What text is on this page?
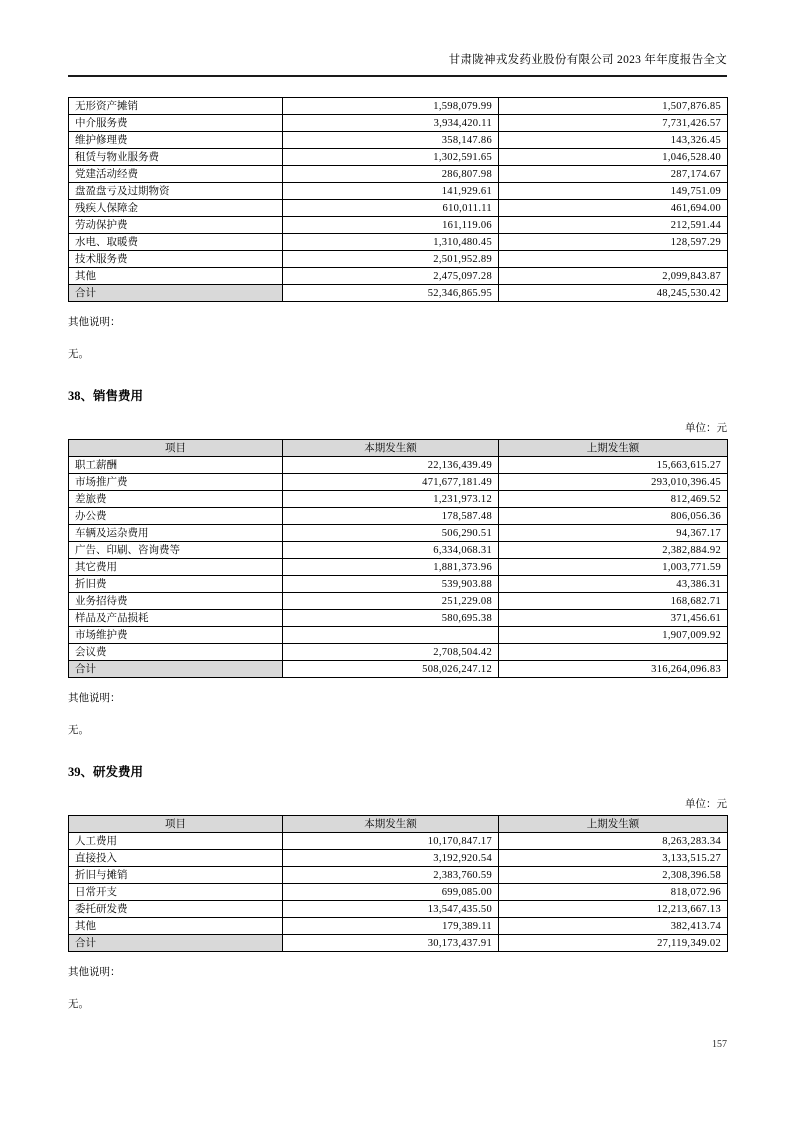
甘肃陇神戎发药业股份有限公司 2023 年年度报告全文
无形资产摊销	1,598,079.99	1,507,876.85
中介服务费	3,934,420.11	7,731,426.57
维护修理费	358,147.86	143,326.45
租赁与物业服务费	1,302,591.65	1,046,528.40
党建活动经费	286,807.98	287,174.67
盘盈盘亏及过期物资	141,929.61	149,751.09
残疾人保障金	610,011.11	461,694.00
劳动保护费	161,119.06	212,591.44
水电、取暖费	1,310,480.45	128,597.29
技术服务费	2,501,952.89	
其他	2,475,097.28	2,099,843.87
合计	52,346,865.95	48,245,530.42
其他说明：
无。
38、销售费用
单位：元
项目	本期发生额	上期发生额
职工薪酬	22,136,439.49	15,663,615.27
市场推广费	471,677,181.49	293,010,396.45
差旅费	1,231,973.12	812,469.52
办公费	178,587.48	806,056.36
车辆及运杂费用	506,290.51	94,367.17
广告、印刷、咨询费等	6,334,068.31	2,382,884.92
其它费用	1,881,373.96	1,003,771.59
折旧费	539,903.88	43,386.31
业务招待费	251,229.08	168,682.71
样品及产品损耗	580,695.38	371,456.61
市场维护费		1,907,009.92
会议费	2,708,504.42	
合计	508,026,247.12	316,264,096.83
其他说明：
无。
39、研发费用
单位：元
项目	本期发生额	上期发生额
人工费用	10,170,847.17	8,263,283.34
直接投入	3,192,920.54	3,133,515.27
折旧与摊销	2,383,760.59	2,308,396.58
日常开支	699,085.00	818,072.96
委托研发费	13,547,435.50	12,213,667.13
其他	179,389.11	382,413.74
合计	30,173,437.91	27,119,349.02
其他说明：
无。
157
